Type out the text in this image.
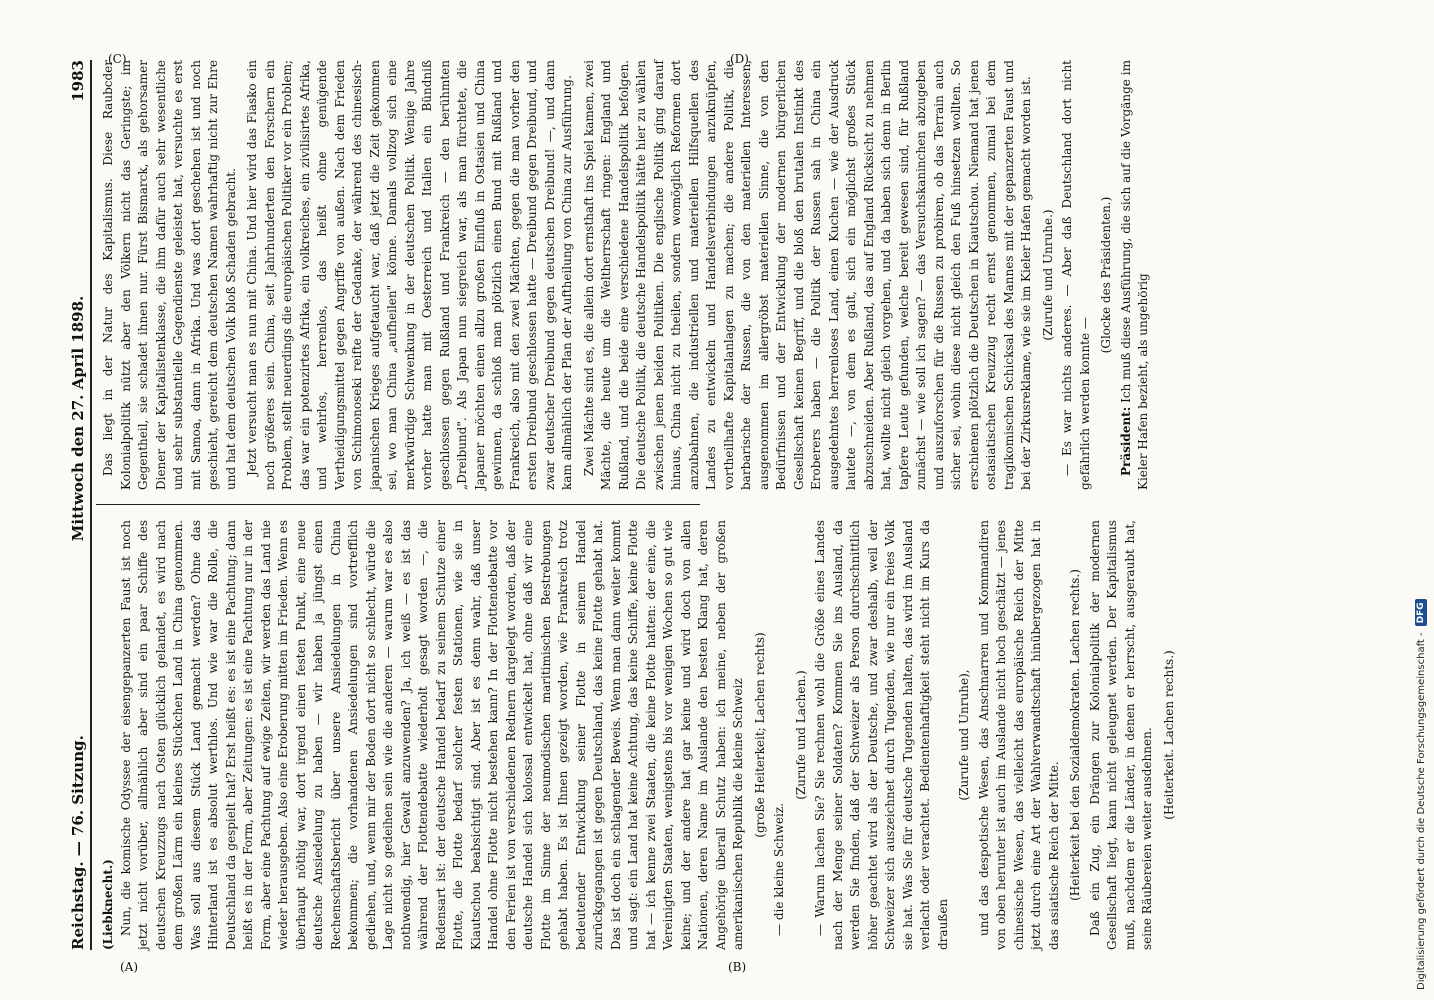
Reichstag. — 76. Sitzung.
Mittwoch den 27. April 1898.
1983
(Liebknecht.) Nun, die komische Odyssee der eisengepanzerten Faust ist noch jetzt nicht vorüber, allmählich aber sind ein paar Schiffe des deutschen Kreuzzugs nach Osten glücklich gelandet, es wird nach dem großen Lärm ein kleines Stückchen Land in China genommen. Was soll aus diesem Stück Land gemacht werden? Ohne das Hinterland ist es absolut werthlos. Und wie war die Rolle, die Deutschland da gespielt hat? Erst heißt es: es ist eine Pachtung; dann heißt es in der Form, aber Zeitungen: es ist eine Pachtung nur in der Form, aber eine Pachtung auf ewige Zeiten, wir werden das Land nie wieder herausgeben. Also eine Eroberung mitten im Frieden. Wenn es überhaupt nöthig war, dort irgend einen festen Punkt, eine neue deutsche Ansiedelung zu haben — wir haben ja jüngst einen Rechenschaftsbericht über unsere Ansiedelungen in China bekommen; die vorhandenen Ansiedelungen sind vortrefflich gediehen, und, wenn mir der Boden dort nicht so schlecht, würde die Lage nicht so gedeihen sein wie die anderen — warum war es also nothwendig, hier Gewalt anzuwenden? Ja, ich weiß — es ist das während der Flottendebatte wiederholt gesagt worden —, die Redensart ist: der deutsche Handel bedarf zu seinem Schutze einer Flotte, die Flotte bedarf solcher festen Stationen, wie sie in Kiautschou beabsichtigt sind. Aber ist es denn wahr, daß unser Handel ohne Flotte nicht bestehen kann? In der Flottendebatte vor den Ferien ist von verschiedenen Rednern dargelegt worden, daß der deutsche Handel sich kolossal entwickelt hat, ohne daß wir eine Flotte im Sinne der neumodischen maritimischen Bestrebungen gehabt haben. Es ist Ihnen gezeigt worden, wie Frankreich trotz bedeutender Entwicklung seiner Flotte in seinem Handel zurückgegangen ist gegen Deutschland, das keine Flotte gehabt hat. Das ist doch ein schlagender Beweis. Wenn man dann weiter kommt und sagt: ein Land hat keine Achtung, das keine Schiffe, keine Flotte hat — ich kenne zwei Staaten, die keine Flotte hatten: der eine, die Vereinigten Staaten, wenigstens bis vor wenigen Wochen so gut wie keine; und der andere hat gar keine und wird doch von allen Nationen, deren Name im Auslande den besten Klang hat, deren Angehörige überall Schutz haben: ich meine, neben der großen amerikanischen Republik die kleine Schweiz (große Heiterkeit; Lachen rechts)

— die kleine Schweiz.

(Zurufe und Lachen.) — Warum lachen Sie? Sie rechnen wohl die Größe eines Landes nach der Menge seiner Soldaten? Kommen Sie ins Ausland, da werden Sie finden, daß der Schweizer als Person durchschnittlich höher geachtet wird als der Deutsche, und zwar deshalb, weil der Schweizer sich auszeichnet durch Tugenden, wie nur ein freies Volk sie hat. Was Sie für deutsche Tugenden halten, das wird im Ausland verlacht oder verachtet. Bedientenhaftigkeit steht nicht im Kurs da draußen

(Zurufe und Unruhe), und das despotische Wesen, das Anschnarren und Kommandiren von oben herunter ist auch im Auslande nicht hoch geschätzt — jenes chinesische Wesen, das vielleicht das europäische Reich der Mitte jetzt durch eine Art der Wahlverwandtschaft hinübergezogen hat in das asiatische Reich der Mitte. (Heiterkeit bei den Sozialdemokraten. Lachen rechts.) Daß ein Zug, ein Drängen zur Kolonialpolitik der modernen Gesellschaft liegt, kann nicht geleugnet werden. Der Kapitalismus muß, nachdem er die Länder, in denen er herrscht, ausgeraubt hat, seine Räubereien weiter ausdehnen. (Heiterkeit. Lachen rechts.)

Das liegt in der Natur des Kapitalismus. Diese Raubcder Kolonialpolitik nützt aber den Völkern nicht das Geringste; im Gegentheil, sie schadet ihnen nur. Fürst Bismarck, als gehorsamer Diener der Kapitalistenklasse, die ihm dafür auch sehr wesentliche und sehr substantielle Gegendienste geleistet hat, versuchte es erst mit Samoa, dann in Afrika. Und was dort geschehen ist und noch geschieht, gereicht dem deutschen Namen wahrhaftig nicht zur Ehre und hat dem deutschen Volk bloß Schaden gebracht. Jetzt versucht man es nun mit China. Und hier wird das Fiasko ein noch größeres sein. China, seit Jahrhunderten den Forschern ein Problem, stellt neuerdings die europäischen Politiker vor ein Problem; das war ein potenzirtes Afrika, ein volkreiches, ein zivilisirtes Afrika, und wehrlos, herrenlos, das heißt ohne genügende Vertheidigungsmittel gegen Angriffe von außen. Nach dem Frieden von Schimonoseki reifte der Gedanke, der während des chinesisch-japanischen Krieges aufgetaucht war, daß jetzt die Zeit gekommen sei, wo man China „aufheilen" könne. Damals vollzog sich eine merkwürdige Schwenkung in der deutschen Politik. Wenige Jahre vorher hatte man mit Oesterreich und Italien ein Bündniß geschlossen gegen Rußland und Frankreich — den berühmten „Dreibund". Als Japan nun siegreich war, als man fürchtete, die Japaner möchten einen allzu großen Einfluß in Ostasien und China gewinnen, da schloß man plötzlich einen Bund mit Rußland und Frankreich, also mit den zwei Mächten, gegen die man vorher den ersten Dreibund geschlossen hatte — Dreibund gegen Dreibund, und zwar deutscher Dreibund gegen deutschen Dreibund! —, und dann kam allmählich der Plan der Auftheilung von China zur Ausführung. Zwei Mächte sind es, die allein dort ernsthaft ins Spiel kamen, zwei Mächte, die heute um die Weltherrschaft ringen: England und Rußland, und die beide eine verschiedene Handelspolitik befolgen. Die deutsche Politik, die deutsche Handelspolitik hätte hier zu wählen zwischen jenen beiden Politiken. Die englische Politik ging darauf hinaus, China nicht zu theilen, sondern womöglich Reformen dort anzubahnen, die industriellen und materiellen Hilfsquellen des Landes zu entwickeln und Handelsverbindungen anzuknüpfen, vortheilhafte Kapitalanlagen zu machen; die andere Politik, die barbarische der Russen, die von den materiellen Interessen, ausgenommen im allergröbst materiellen Sinne, die von den Bedürfnissen und der Entwicklung der modernen bürgerlichen Gesellschaft keinen Begriff, und die bloß den brutalen Instinkt des Eroberers haben — die Politik der Russen sah in China ein ausgedehntes herrenloses Land, einen Kuchen — wie der Ausdruck lautete —, von dem es galt, sich ein möglichst großes Stück abzuschneiden. Aber Rußland, das auf England Rücksicht zu nehmen hat, wollte nicht gleich vorgehen, und da haben sich denn in Berlin tapfere Leute gefunden, welche bereit gewesen sind, für Rußland zunächst — wie soll ich sagen? — das Versuchskaninchen abzugeben und auszuforschen für die Russen zu probiren, ob das Terrain auch sicher sei, wohin diese nicht gleich den Fuß hinsetzen wollten. So erschienen plötzlich die Deutschen in Kiautschou. Niemand hat jenen ostasiatischen Kreuzzug recht ernst genommen, zumal bei dem tragikomischen Schicksal des Mannes mit der gepanzerten Faust und bei der Zirkusreklame, wie sie im Kieler Hafen gemacht worden ist. (Zurufe und Unruhe.) — Es war nichts anderes. — Aber daß Deutschland dort nicht gefährlich werden konnte —

(Glocke des Präsidenten.)

Präsident: Ich muß diese Ausführung, die sich auf die Vorgänge im Kieler Hafen bezieht, als ungehörig

(A)	(B)
(C)	(D)
Digitalisierung gefördert durch die Deutsche Forschungsgemeinschaft -
DFG
